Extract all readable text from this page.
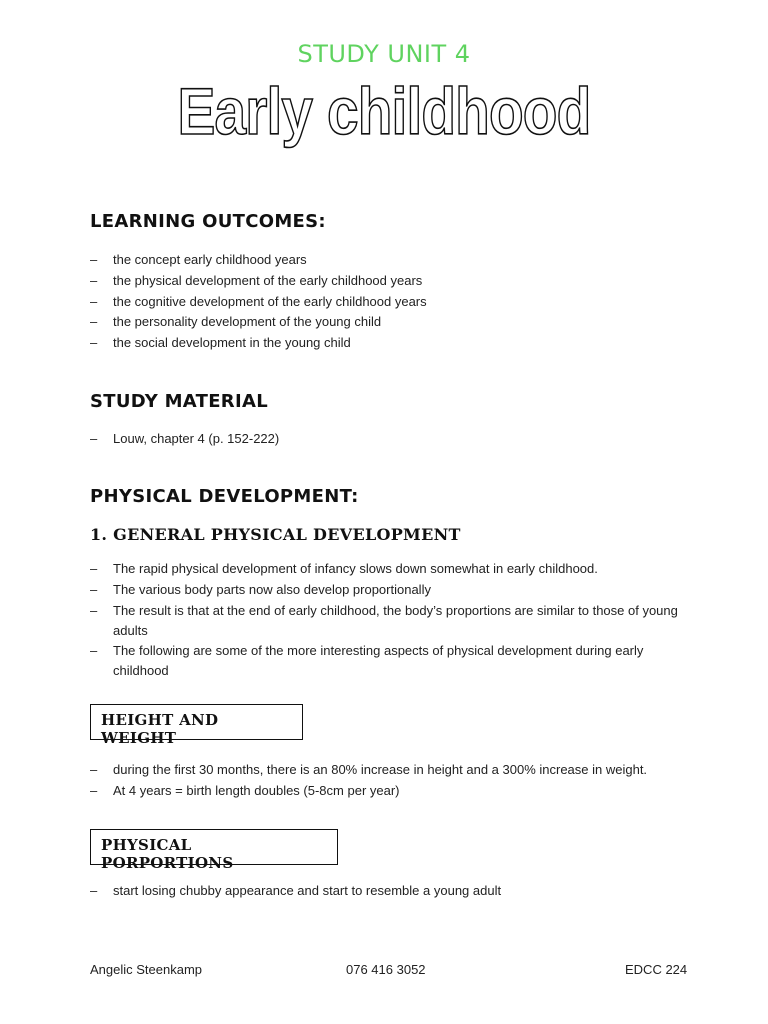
STUDY UNIT 4
Early childhood
LEARNING OUTCOMES:
– the concept early childhood years
– the physical development of the early childhood years
– the cognitive development of the early childhood years
– the personality development of the young child
– the social development in the young child
STUDY MATERIAL
– Louw, chapter 4 (p. 152-222)
PHYSICAL DEVELOPMENT:
1. GENERAL PHYSICAL DEVELOPMENT
– The rapid physical development of infancy slows down somewhat in early childhood.
– The various body parts now also develop proportionally
– The result is that at the end of early childhood, the body’s proportions are similar to those of young adults
– The following are some of the more interesting aspects of physical development during early childhood
HEIGHT AND WEIGHT
– during the first 30 months, there is an 80% increase in height and a 300% increase in weight.
– At 4 years = birth length doubles (5-8cm per year)
PHYSICAL PORPORTIONS
– start losing chubby appearance and start to resemble a young adult
Angelic Steenkamp	076 416 3052	EDCC 224
